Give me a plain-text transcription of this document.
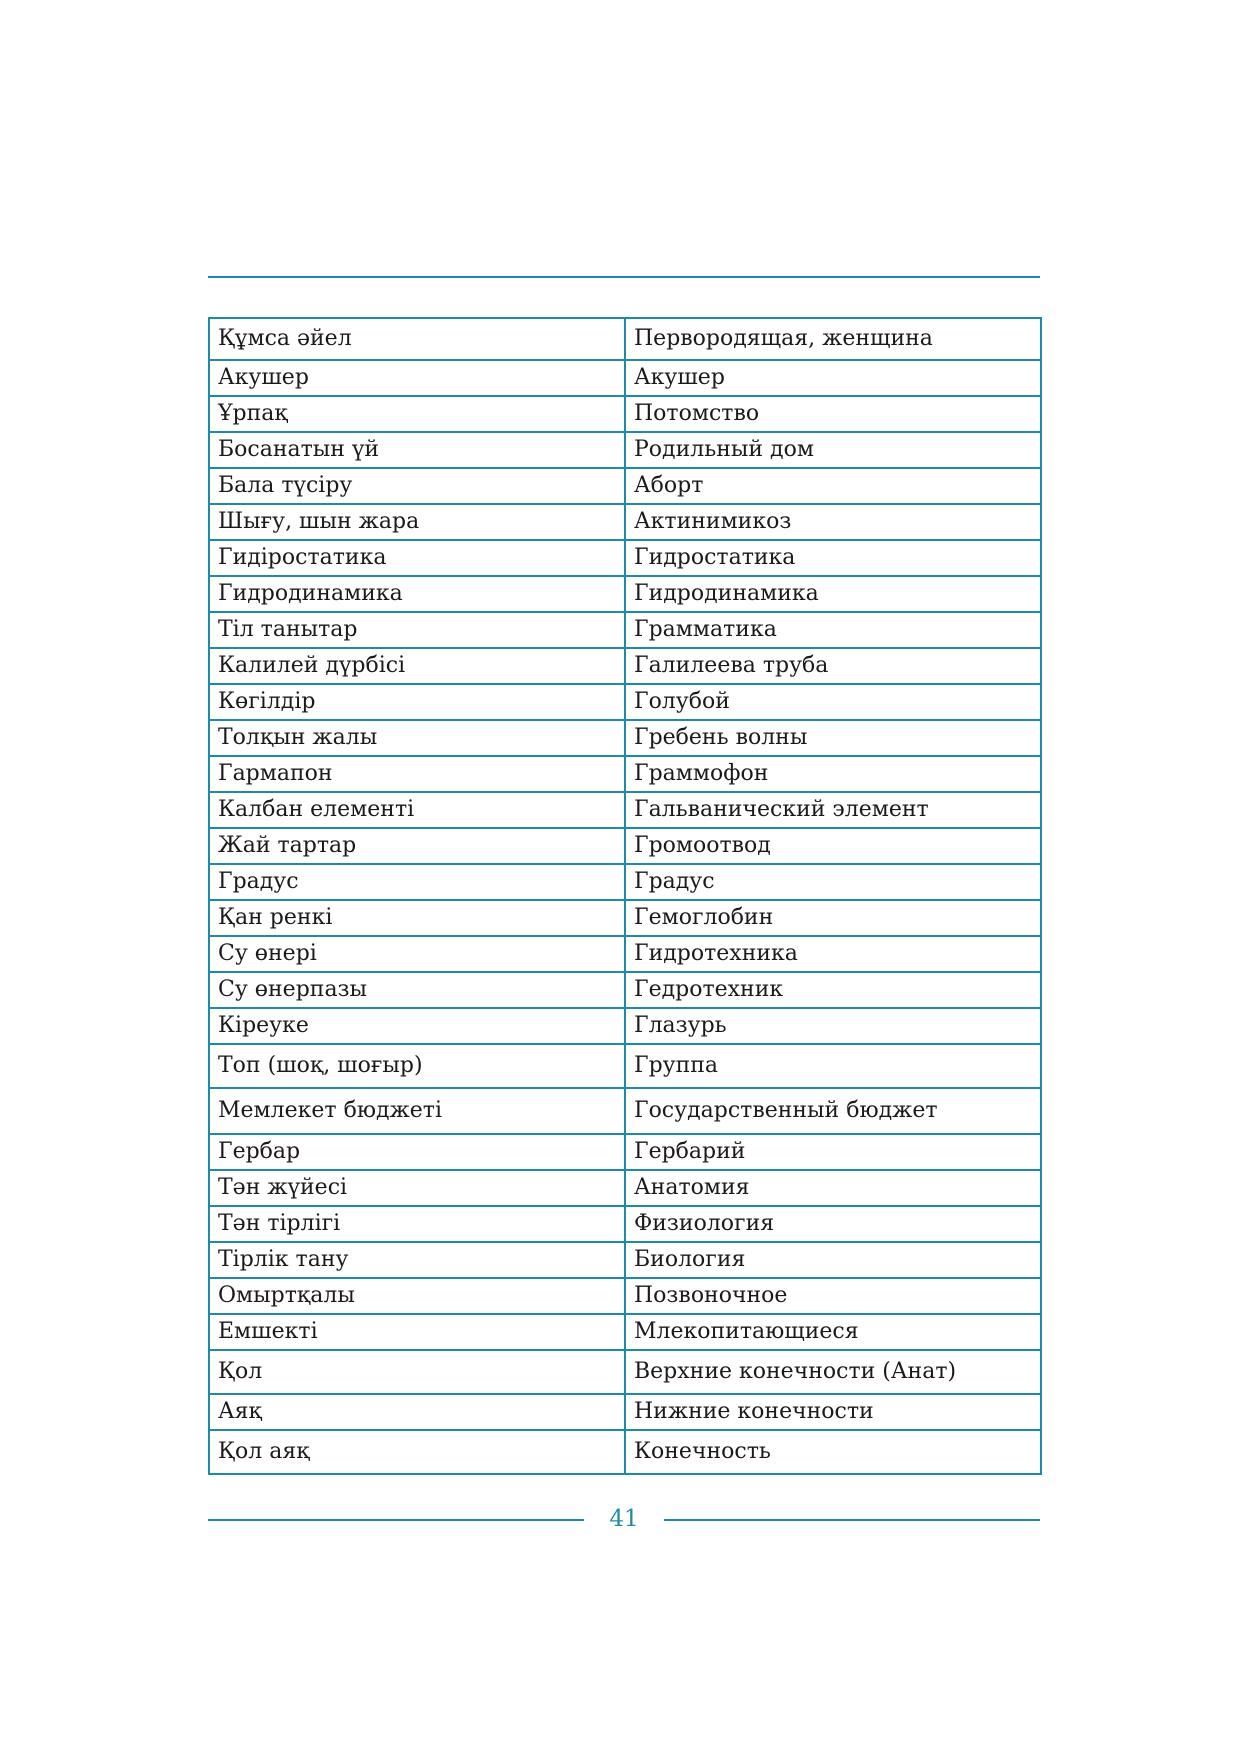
Құмса әйел	Первородящая, женщина
Акушер	Акушер
Ұрпақ	Потомство
Босанатын үй	Родильный дом
Бала түсіру	Аборт
Шығу, шын жара	Актинимикоз
Гидіростатика	Гидростатика
Гидродинамика	Гидродинамика
Тіл танытар	Грамматика
Калилей дүрбісі	Галилеева труба
Көгілдір	Голубой
Толқын жалы	Гребень волны
Гармапон	Граммофон
Калбан елементі	Гальванический элемент
Жай тартар	Громоотвод
Градус	Градус
Қан ренкі	Гемоглобин
Су өнері	Гидротехника
Су өнерпазы	Гедротехник
Кіреуке	Глазурь
Топ (шоқ, шоғыр)	Группа
Мемлекет бюджеті	Государственный бюджет
Гербар	Гербарий
Тән жүйесі	Анатомия
Тән тірлігі	Физиология
Тірлік тану	Биология
Омыртқалы	Позвоночное
Емшекті	Млекопитающиеся
Қол	Верхние конечности (Анат)
Аяқ	Нижние конечности
Қол аяқ	Конечность
41
